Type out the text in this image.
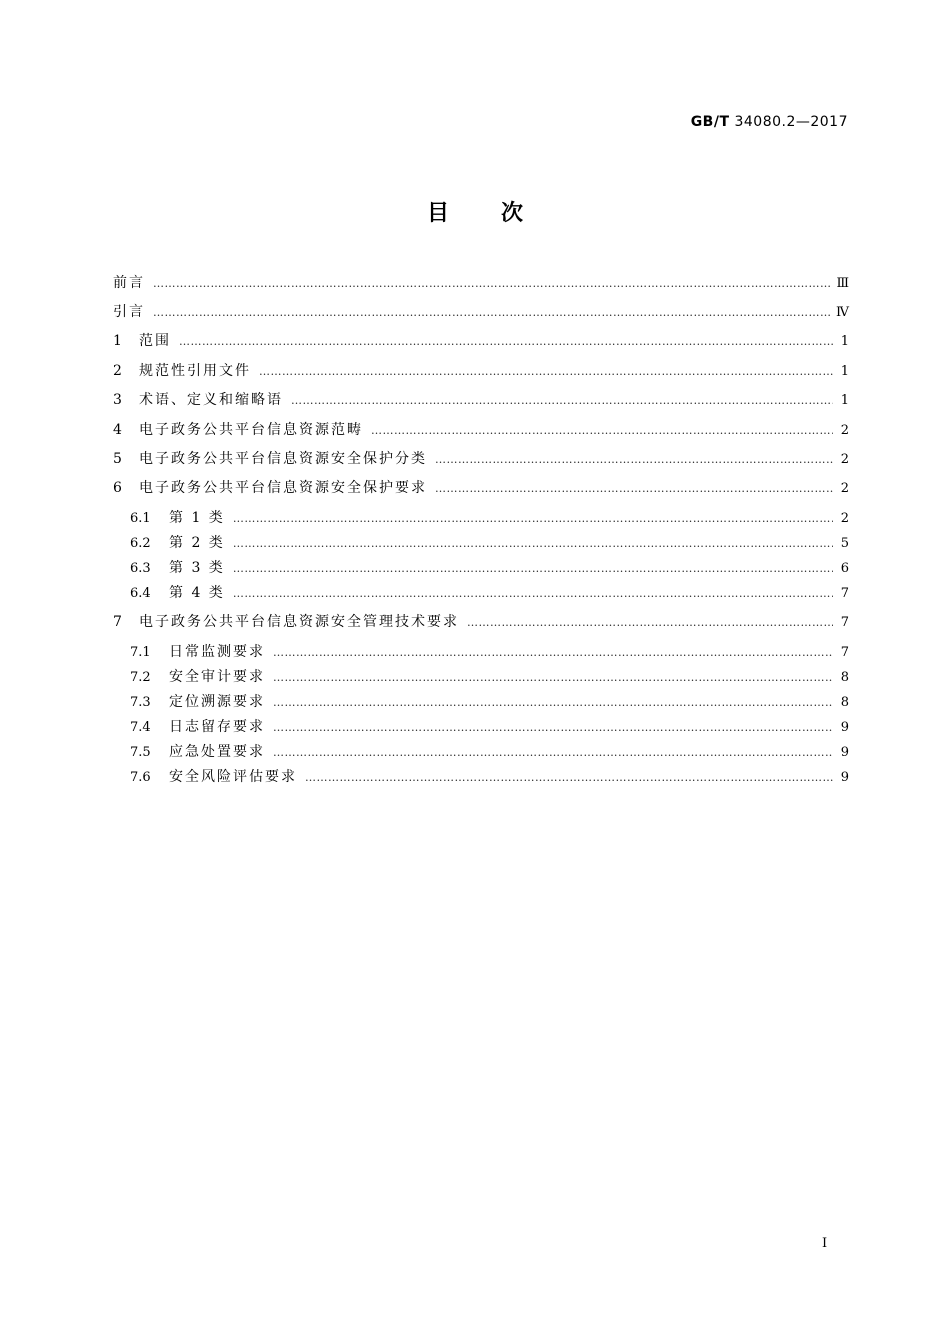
GB/T 34080.2—2017
目次
前言 …………………………………………………………………………………………………………………………………………………………………………………………………………	Ⅲ
引言 …………………………………………………………………………………………………………………………………………………………………………………………………………	Ⅳ
1	范围 …………………………………………………………………………………………………………………………………………………………………………………………………………	1
2	规范性引用文件 …………………………………………………………………………………………………………………………………………………………………………………………………………	1
3	术语、定义和缩略语 …………………………………………………………………………………………………………………………………………………………………………………………………………	1
4	电子政务公共平台信息资源范畴 …………………………………………………………………………………………………………………………………………………………………………………………………………	2
5	电子政务公共平台信息资源安全保护分类 …………………………………………………………………………………………………………………………………………………………………………………………………………	2
6	电子政务公共平台信息资源安全保护要求 …………………………………………………………………………………………………………………………………………………………………………………………………………	2
6.1	第 1 类 …………………………………………………………………………………………………………………………………………………………………………………………………………	2
6.2	第 2 类 …………………………………………………………………………………………………………………………………………………………………………………………………………	5
6.3	第 3 类 …………………………………………………………………………………………………………………………………………………………………………………………………………	6
6.4	第 4 类 …………………………………………………………………………………………………………………………………………………………………………………………………………	7
7	电子政务公共平台信息资源安全管理技术要求 …………………………………………………………………………………………………………………………………………………………………………………………………………	7
7.1	日常监测要求 …………………………………………………………………………………………………………………………………………………………………………………………………………	7
7.2	安全审计要求 …………………………………………………………………………………………………………………………………………………………………………………………………………	8
7.3	定位溯源要求 …………………………………………………………………………………………………………………………………………………………………………………………………………	8
7.4	日志留存要求 …………………………………………………………………………………………………………………………………………………………………………………………………………	9
7.5	应急处置要求 …………………………………………………………………………………………………………………………………………………………………………………………………………	9
7.6	安全风险评估要求 …………………………………………………………………………………………………………………………………………………………………………………………………………	9
I
